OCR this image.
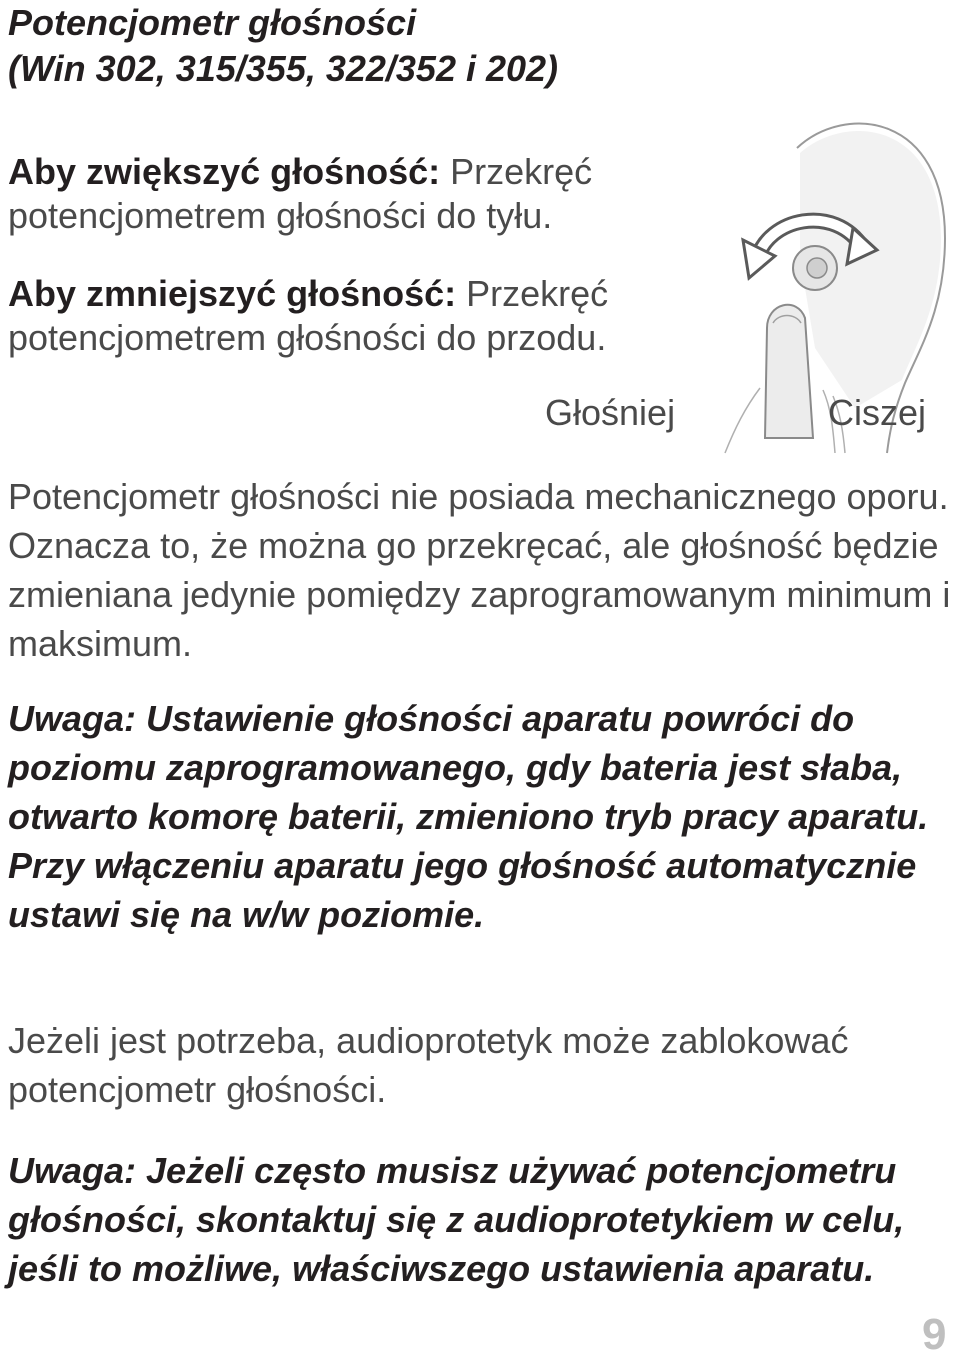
Potencjometr głośności
(Win 302, 315/355, 322/352 i 202)

Aby zwiększyć głośność: Przekręć potencjometrem głośności do tyłu.

Aby zmniejszyć głośność: Przekręć potencjometrem głośności do przodu.

Głośniej	Ciszej

Potencjometr głośności nie posiada mechanicznego oporu. Oznacza to, że można go przekręcać, ale głośność będzie zmieniana jedynie pomiędzy zaprogramowanym minimum i maksimum.

Uwaga: Ustawienie głośności aparatu powróci do poziomu zaprogramowanego, gdy bateria jest słaba, otwarto komorę baterii, zmieniono tryb pracy aparatu. Przy włączeniu aparatu jego głośność automatycznie ustawi się na w/w poziomie.

Jeżeli jest potrzeba, audioprotetyk może zablokować potencjometr głośności.

Uwaga: Jeżeli często musisz używać potencjometru głośności, skontaktuj się z audioprotetykiem w celu, jeśli to możliwe, właściwszego ustawienia aparatu.

9
